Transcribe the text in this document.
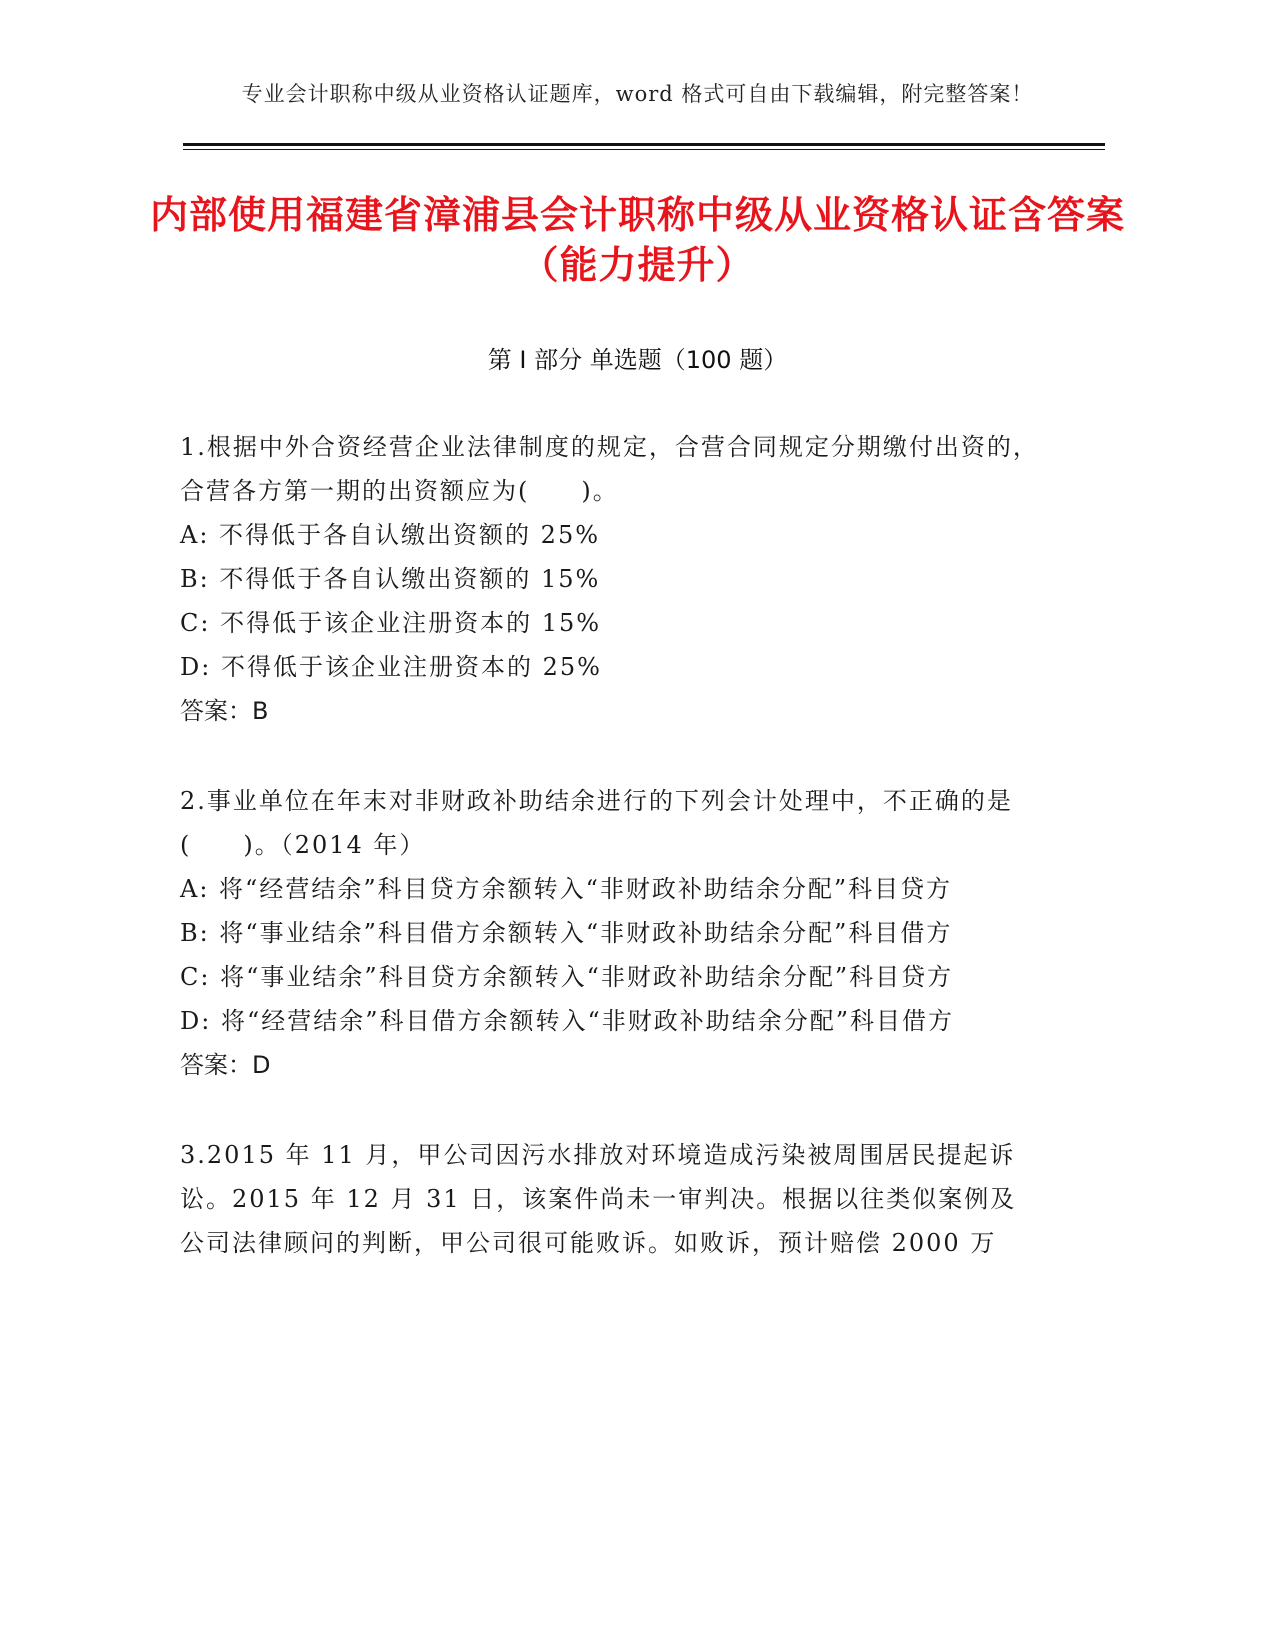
专业会计职称中级从业资格认证题库，word 格式可自由下载编辑，附完整答案！
内部使用福建省漳浦县会计职称中级从业资格认证含答案（能力提升）
第 I 部分 单选题（100 题）

1.根据中外合资经营企业法律制度的规定，合营合同规定分期缴付出资的，合营各方第一期的出资额应为(　　)。

A: 不得低于各自认缴出资额的 25%

B: 不得低于各自认缴出资额的 15%

C: 不得低于该企业注册资本的 15%

D: 不得低于该企业注册资本的 25%

答案：B

2.事业单位在年末对非财政补助结余进行的下列会计处理中，不正确的是(　　)。（2014 年）

A: 将“经营结余”科目贷方余额转入“非财政补助结余分配”科目贷方

B: 将“事业结余”科目借方余额转入“非财政补助结余分配”科目借方

C: 将“事业结余”科目贷方余额转入“非财政补助结余分配”科目贷方

D: 将“经营结余”科目借方余额转入“非财政补助结余分配”科目借方

答案：D

3.2015 年 11 月，甲公司因污水排放对环境造成污染被周围居民提起诉讼。2015 年 12 月 31 日，该案件尚未一审判决。根据以往类似案例及公司法律顾问的判断，甲公司很可能败诉。如败诉，预计赔偿 2000 万
